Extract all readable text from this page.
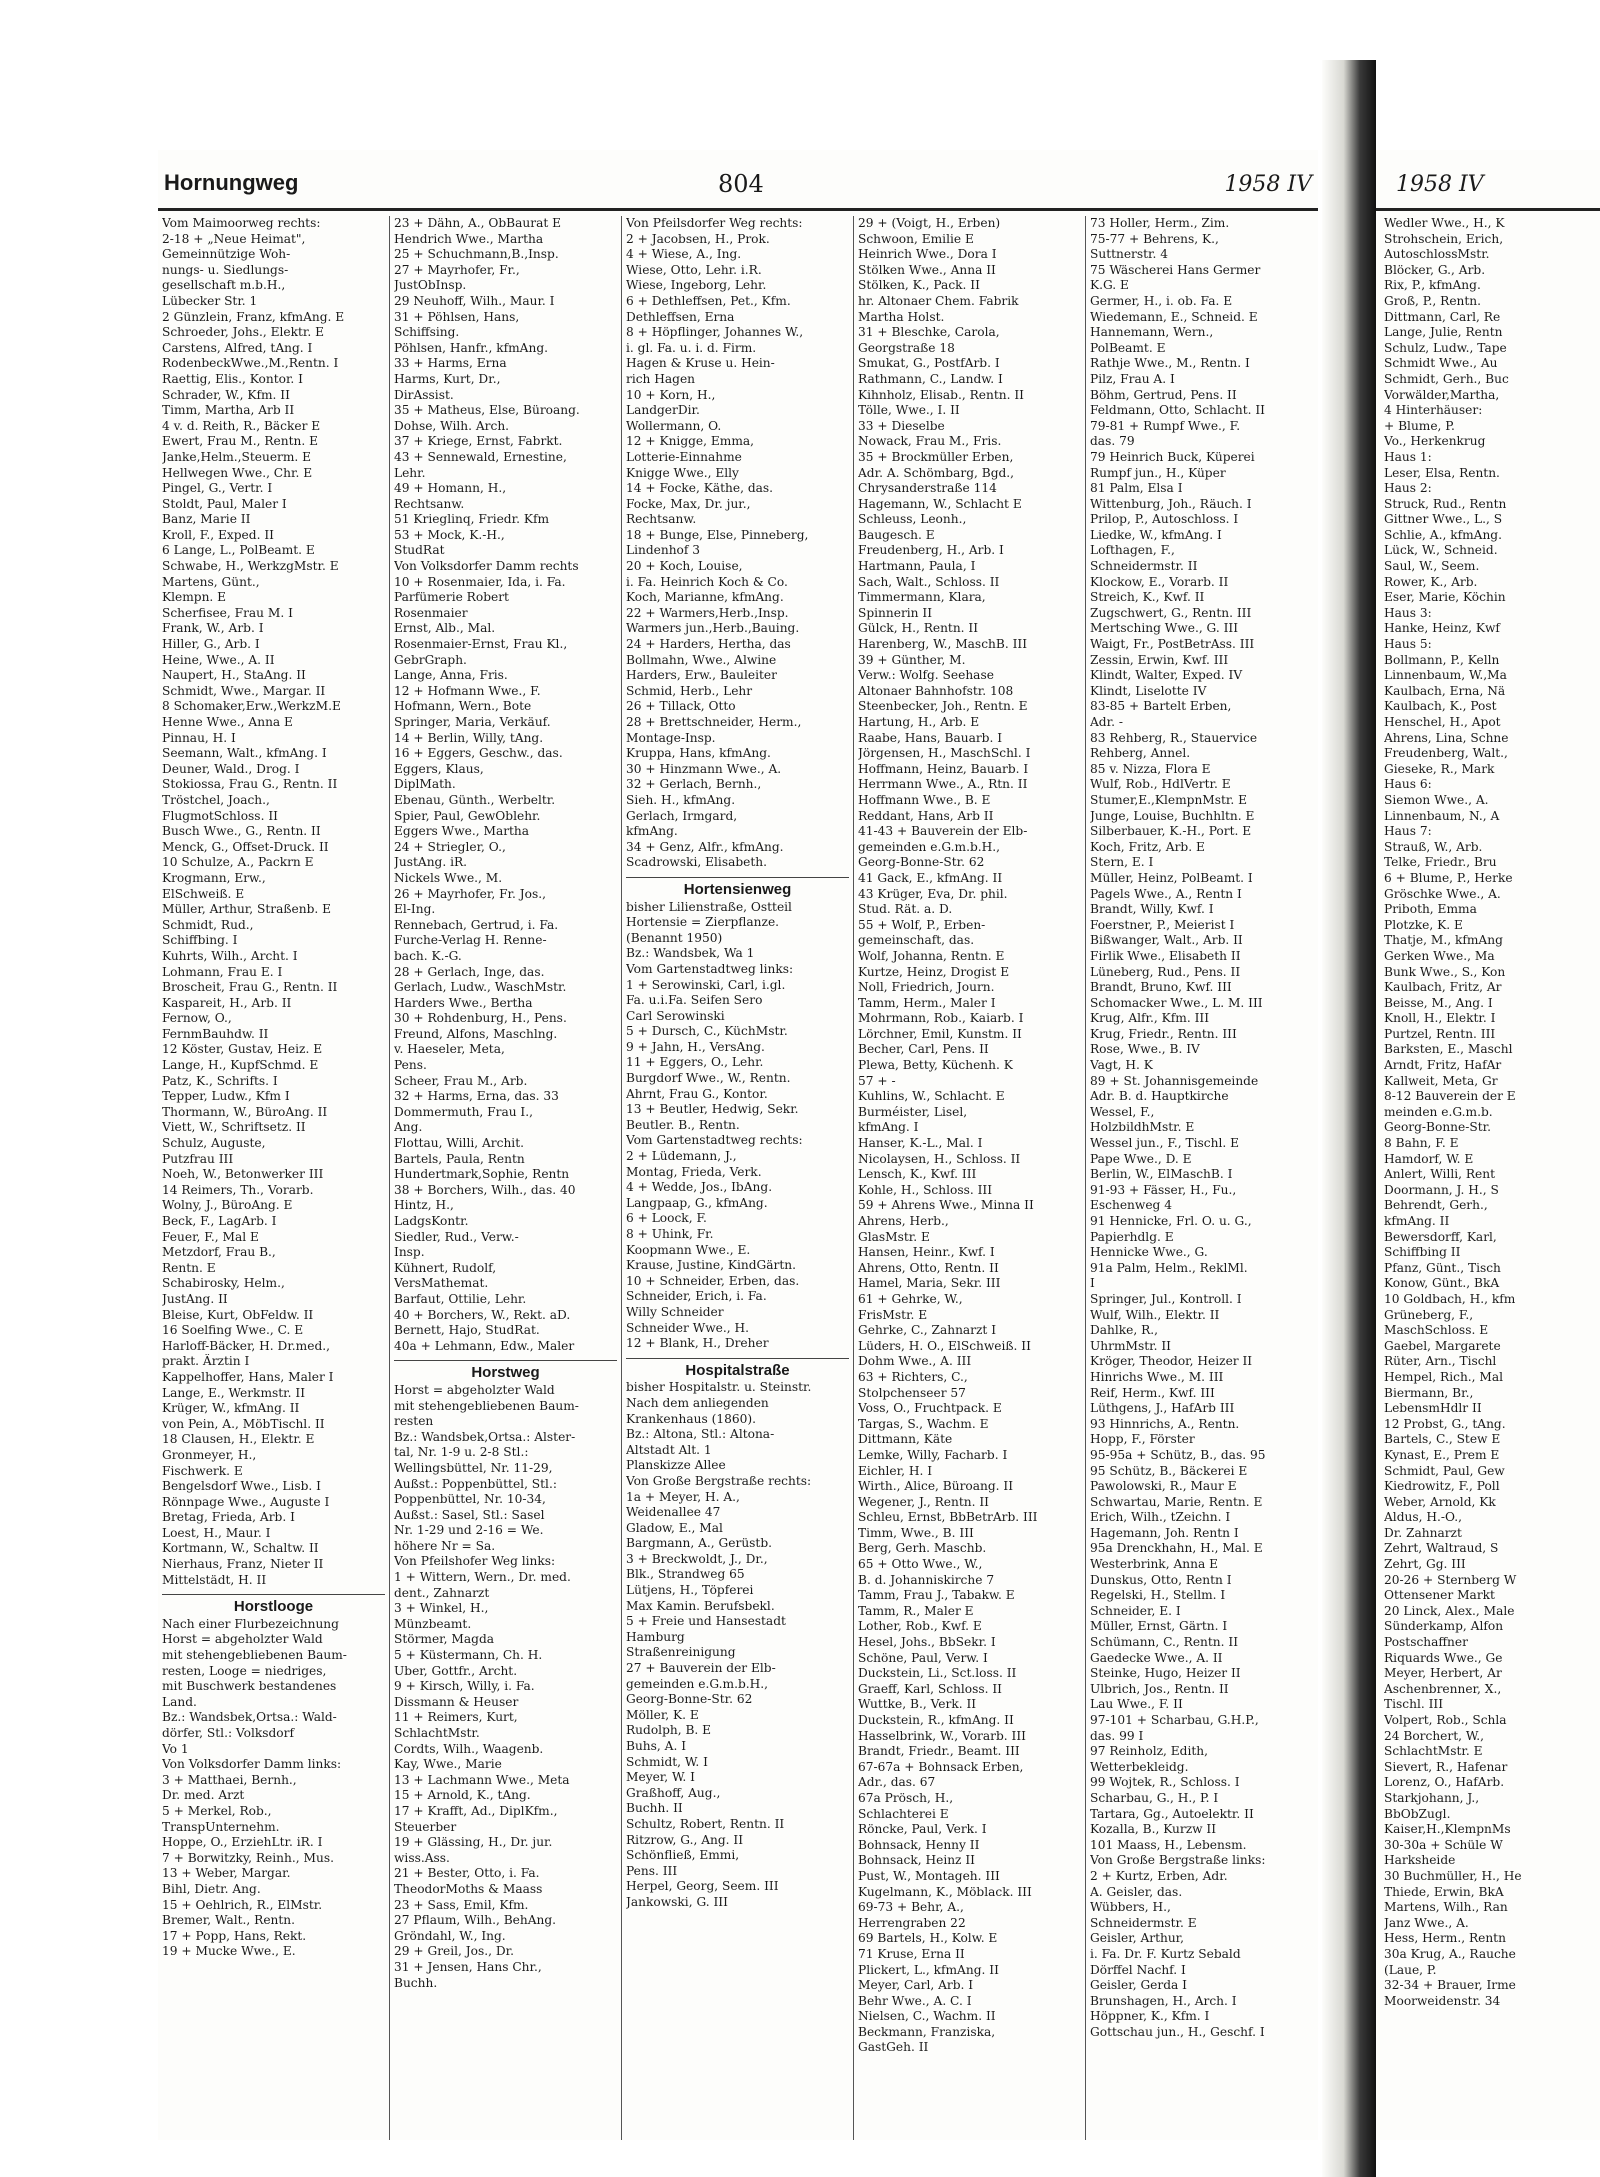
Hornungweg	804	1958 IV
Vom Maimoorweg rechts:
2-18 + „Neue Heimat",
Gemeinnützige Woh-
nungs- u. Siedlungs-
gesellschaft m.b.H.,
Lübecker Str. 1
2 Günzlein, Franz, kfmAng. E
Schroeder, Johs., Elektr. E
Carstens, Alfred, tAng. I
RodenbeckWwe.,M.,Rentn. I
Raettig, Elis., Kontor. I
Schrader, W., Kfm. II
Timm, Martha, Arb II
4 v. d. Reith, R., Bäcker E
Ewert, Frau M., Rentn. E
Janke,Helm.,Steuerm. E
Hellwegen Wwe., Chr. E
Pingel, G., Vertr. I
Stoldt, Paul, Maler I
Banz, Marie II
Kroll, F., Exped. II
6 Lange, L., PolBeamt. E
Schwabe, H., WerkzgMstr. E
Martens, Günt.,
Klempn. E
Scherfisee, Frau M. I
Frank, W., Arb. I
Hiller, G., Arb. I
Heine, Wwe., A. II
Naupert, H., StaAng. II
Schmidt, Wwe., Margar. II
8 Schomaker,Erw.,WerkzM.E
Henne Wwe., Anna E
Pinnau, H. I
Seemann, Walt., kfmAng. I
Deuner, Wald., Drog. I
Stokiossa, Frau G., Rentn. II
Tröstchel, Joach.,
FlugmotSchloss. II
Busch Wwe., G., Rentn. II
Menck, G., Offset-Druck. II
10 Schulze, A., Packrn E
Krogmann, Erw.,
ElSchweiß. E
Müller, Arthur, Straßenb. E
Schmidt, Rud.,
Schiffbing. I
Kuhrts, Wilh., Archt. I
Lohmann, Frau E. I
Broscheit, Frau G., Rentn. II
Kaspareit, H., Arb. II
Fernow, O.,
FernmBauhdw. II
12 Köster, Gustav, Heiz. E
Lange, H., KupfSchmd. E
Patz, K., Schrifts. I
Tepper, Ludw., Kfm I
Thormann, W., BüroAng. II
Viett, W., Schriftsetz. II
Schulz, Auguste,
Putzfrau III
Noeh, W., Betonwerker III
14 Reimers, Th., Vorarb.
Wolny, J., BüroAng. E
Beck, F., LagArb. I
Feuer, F., Mal E
Metzdorf, Frau B.,
Rentn. E
Schabirosky, Helm.,
JustAng. II
Bleise, Kurt, ObFeldw. II
16 Soelfing Wwe., C. E
Harloff-Bäcker, H. Dr.med.,
prakt. Ärztin I
Kappelhoffer, Hans, Maler I
Lange, E., Werkmstr. II
Krüger, W., kfmAng. II
von Pein, A., MöbTischl. II
18 Clausen, H., Elektr. E
Gronmeyer, H.,
Fischwerk. E
Bengelsdorf Wwe., Lisb. I
Rönnpage Wwe., Auguste I
Bretag, Frieda, Arb. I
Loest, H., Maur. I
Kortmann, W., Schaltw. II
Nierhaus, Franz, Nieter II
Mittelstädt, H. II
Horstlooge
Nach einer Flurbezeichnung
Horst = abgeholzter Wald
mit stehengebliebenen Baum-
resten, Looge = niedriges,
mit Buschwerk bestandenes
Land.
Bz.: Wandsbek,Ortsa.: Wald-
dörfer, Stl.: Volksdorf
Vo 1
Von Volksdorfer Damm links:
3 + Matthaei, Bernh.,
Dr. med. Arzt
5 + Merkel, Rob.,
TranspUnternehm.
Hoppe, O., ErziehLtr. iR. I
7 + Borwitzky, Reinh., Mus.
13 + Weber, Margar.
Bihl, Dietr. Ang.
15 + Oehlrich, R., ElMstr.
Bremer, Walt., Rentn.
17 + Popp, Hans, Rekt.
19 + Mucke Wwe., E.
23 + Dähn, A., ObBaurat E
Hendrich Wwe., Martha
25 + Schuchmann,B.,Insp.
27 + Mayrhofer, Fr.,
JustObInsp.
29 Neuhoff, Wilh., Maur. I
31 + Pöhlsen, Hans,
Schiffsing.
Pöhlsen, Hanfr., kfmAng.
33 + Harms, Erna
Harms, Kurt, Dr.,
DirAssist.
35 + Matheus, Else, Büroang.
Dohse, Wilh. Arch.
37 + Kriege, Ernst, Fabrkt.
43 + Sennewald, Ernestine,
Lehr.
49 + Homann, H.,
Rechtsanw.
51 Krieglinq, Friedr. Kfm
53 + Mock, K.-H.,
StudRat
Von Volksdorfer Damm rechts
10 + Rosenmaier, Ida, i. Fa.
Parfümerie Robert
Rosenmaier
Ernst, Alb., Mal.
Rosenmaier-Ernst, Frau Kl.,
GebrGraph.
Lange, Anna, Fris.
12 + Hofmann Wwe., F.
Hofmann, Wern., Bote
Springer, Maria, Verkäuf.
14 + Berlin, Willy, tAng.
16 + Eggers, Geschw., das.
Eggers, Klaus,
DiplMath.
Ebenau, Günth., Werbeltr.
Spier, Paul, GewOblehr.
Eggers Wwe., Martha
24 + Striegler, O.,
JustAng. iR.
Nickels Wwe., M.
26 + Mayrhofer, Fr. Jos.,
El-Ing.
Rennebach, Gertrud, i. Fa.
Furche-Verlag H. Renne-
bach. K.-G.
28 + Gerlach, Inge, das.
Gerlach, Ludw., WaschMstr.
Harders Wwe., Bertha
30 + Rohdenburg, H., Pens.
Freund, Alfons, Maschlng.
v. Haeseler, Meta,
Pens.
Scheer, Frau M., Arb.
32 + Harms, Erna, das. 33
Dommermuth, Frau I.,
Ang.
Flottau, Willi, Archit.
Bartels, Paula, Rentn
Hundertmark,Sophie, Rentn
38 + Borchers, Wilh., das. 40
Hintz, H.,
LadgsKontr.
Siedler, Rud., Verw.-
Insp.
Kühnert, Rudolf,
VersMathemat.
Barfaut, Ottilie, Lehr.
40 + Borchers, W., Rekt. aD.
Bernett, Hajo, StudRat.
40a + Lehmann, Edw., Maler
Horstweg
Horst = abgeholzter Wald
mit stehengebliebenen Baum-
resten
Bz.: Wandsbek,Ortsa.: Alster-
tal, Nr. 1-9 u. 2-8 Stl.:
Wellingsbüttel, Nr. 11-29,
Außst.: Poppenbüttel, Stl.:
Poppenbüttel, Nr. 10-34,
Außst.: Sasel, Stl.: Sasel
Nr. 1-29 und 2-16 = We.
höhere Nr = Sa.
Von Pfeilshofer Weg links:
1 + Wittern, Wern., Dr. med.
dent., Zahnarzt
3 + Winkel, H.,
Münzbeamt.
Störmer, Magda
5 + Küstermann, Ch. H.
Uber, Gottfr., Archt.
9 + Kirsch, Willy, i. Fa.
Dissmann & Heuser
11 + Reimers, Kurt,
SchlachtMstr.
Cordts, Wilh., Waagenb.
Kay, Wwe., Marie
13 + Lachmann Wwe., Meta
15 + Arnold, K., tAng.
17 + Krafft, Ad., DiplKfm.,
Steuerber
19 + Glässing, H., Dr. jur.
wiss.Ass.
21 + Bester, Otto, i. Fa.
TheodorMoths & Maass
23 + Sass, Emil, Kfm.
27 Pflaum, Wilh., BehAng.
Gröndahl, W., Ing.
29 + Greil, Jos., Dr.
31 + Jensen, Hans Chr.,
Buchh.
Von Pfeilsdorfer Weg rechts:
2 + Jacobsen, H., Prok.
4 + Wiese, A., Ing.
Wiese, Otto, Lehr. i.R.
Wiese, Ingeborg, Lehr.
6 + Dethleffsen, Pet., Kfm.
Dethleffsen, Erna
8 + Höpflinger, Johannes W.,
i. gl. Fa. u. i. d. Firm.
Hagen & Kruse u. Hein-
rich Hagen
10 + Korn, H.,
LandgerDir.
Wollermann, O.
12 + Knigge, Emma,
Lotterie-Einnahme
Knigge Wwe., Elly
14 + Focke, Käthe, das.
Focke, Max, Dr. jur.,
Rechtsanw.
18 + Bunge, Else, Pinneberg,
Lindenhof 3
20 + Koch, Louise,
i. Fa. Heinrich Koch & Co.
Koch, Marianne, kfmAng.
22 + Warmers,Herb.,Insp.
Warmers jun.,Herb.,Bauing.
24 + Harders, Hertha, das
Bollmahn, Wwe., Alwine
Harders, Erw., Bauleiter
Schmid, Herb., Lehr
26 + Tillack, Otto
28 + Brettschneider, Herm.,
Montage-Insp.
Kruppa, Hans, kfmAng.
30 + Hinzmann Wwe., A.
32 + Gerlach, Bernh.,
Sieh. H., kfmAng.
Gerlach, Irmgard,
kfmAng.
34 + Genz, Alfr., kfmAng.
Scadrowski, Elisabeth.
Hortensienweg
bisher Lilienstraße, Ostteil
Hortensie = Zierpflanze.
(Benannt 1950)
Bz.: Wandsbek, Wa 1
Vom Gartenstadtweg links:
1 + Serowinski, Carl, i.gl.
Fa. u.i.Fa. Seifen Sero
Carl Serowinski
5 + Dursch, C., KüchMstr.
9 + Jahn, H., VersAng.
11 + Eggers, O., Lehr.
Burgdorf Wwe., W., Rentn.
Ahrnt, Frau G., Kontor.
13 + Beutler, Hedwig, Sekr.
Beutler. B., Rentn.
Vom Gartenstadtweg rechts:
2 + Lüdemann, J.,
Montag, Frieda, Verk.
4 + Wedde, Jos., IbAng.
Langpaap, G., kfmAng.
6 + Loock, F.
8 + Uhink, Fr.
Koopmann Wwe., E.
Krause, Justine, KindGärtn.
10 + Schneider, Erben, das.
Schneider, Erich, i. Fa.
Willy Schneider
Schneider Wwe., H.
12 + Blank, H., Dreher
Hospitalstraße
bisher Hospitalstr. u. Steinstr.
Nach dem anliegenden
Krankenhaus (1860).
Bz.: Altona, Stl.: Altona-
Altstadt Alt. 1
Planskizze Allee
Von Große Bergstraße rechts:
1a + Meyer, H. A.,
Weidenallee 47
Gladow, E., Mal
Bargmann, A., Gerüstb.
3 + Breckwoldt, J., Dr.,
Blk., Strandweg 65
Lütjens, H., Töpferei
Max Kamin. Berufsbekl.
5 + Freie und Hansestadt
Hamburg
Straßenreinigung
27 + Bauverein der Elb-
gemeinden e.G.m.b.H.,
Georg-Bonne-Str. 62
Möller, K. E
Rudolph, B. E
Buhs, A. I
Schmidt, W. I
Meyer, W. I
Graßhoff, Aug.,
Buchh. II
Schultz, Robert, Rentn. II
Ritzrow, G., Ang. II
Schönfließ, Emmi,
Pens. III
Herpel, Georg, Seem. III
Jankowski, G. III
29 + (Voigt, H., Erben)
Schwoon, Emilie E
Heinrich Wwe., Dora I
Stölken Wwe., Anna II
Stölken, K., Pack. II
hr. Altonaer Chem. Fabrik
Martha Holst.
31 + Bleschke, Carola,
Georgstraße 18
Smukat, G., PostfArb. I
Rathmann, C., Landw. I
Kihnholz, Elisab., Rentn. II
Tölle, Wwe., I. II
33 + Dieselbe
Nowack, Frau M., Fris.
35 + Brockmüller Erben,
Adr. A. Schömbarg, Bgd.,
Chrysanderstraße 114
Hagemann, W., Schlacht E
Schleuss, Leonh.,
Baugesch. E
Freudenberg, H., Arb. I
Hartmann, Paula, I
Sach, Walt., Schloss. II
Timmermann, Klara,
Spinnerin II
Gülck, H., Rentn. II
Harenberg, W., MaschB. III
39 + Günther, M.
Verw.: Wolfg. Seehase
Altonaer Bahnhofstr. 108
Steenbecker, Joh., Rentn. E
Hartung, H., Arb. E
Raabe, Hans, Bauarb. I
Jörgensen, H., MaschSchl. I
Hoffmann, Heinz, Bauarb. I
Herrmann Wwe., A., Rtn. II
Hoffmann Wwe., B. E
Reddant, Hans, Arb II
41-43 + Bauverein der Elb-
gemeinden e.G.m.b.H.,
Georg-Bonne-Str. 62
41 Gack, E., kfmAng. II
43 Krüger, Eva, Dr. phil.
Stud. Rät. a. D.
55 + Wolf, P., Erben-
gemeinschaft, das.
Wolf, Johanna, Rentn. E
Kurtze, Heinz, Drogist E
Noll, Friedrich, Journ.
Tamm, Herm., Maler I
Mohrmann, Rob., Kaiarb. I
Lörchner, Emil, Kunstm. II
Becher, Carl, Pens. II
Plewa, Betty, Küchenh. K
57 + -
Kuhlins, W., Schlacht. E
Burméister, Lisel,
kfmAng. I
Hanser, K.-L., Mal. I
Nicolaysen, H., Schloss. II
Lensch, K., Kwf. III
Kohle, H., Schloss. III
59 + Ahrens Wwe., Minna II
Ahrens, Herb.,
GlasMstr. E
Hansen, Heinr., Kwf. I
Ahrens, Otto, Rentn. II
Hamel, Maria, Sekr. III
61 + Gehrke, W.,
FrisMstr. E
Gehrke, C., Zahnarzt I
Lüders, H. O., ElSchweiß. II
Dohm Wwe., A. III
63 + Richters, C.,
Stolpchenseer 57
Voss, O., Fruchtpack. E
Targas, S., Wachm. E
Dittmann, Käte
Lemke, Willy, Facharb. I
Eichler, H. I
Wirth., Alice, Büroang. II
Wegener, J., Rentn. II
Schleu, Ernst, BbBetrArb. III
Timm, Wwe., B. III
Berg, Gerh. Maschb.
65 + Otto Wwe., W.,
B. d. Johanniskirche 7
Tamm, Frau J., Tabakw. E
Tamm, R., Maler E
Lother, Rob., Kwf. E
Hesel, Johs., BbSekr. I
Schöne, Paul, Verw. I
Duckstein, Li., Sct.loss. II
Graeff, Karl, Schloss. II
Wuttke, B., Verk. II
Duckstein, R., kfmAng. II
Hasselbrink, W., Vorarb. III
Brandt, Friedr., Beamt. III
67-67a + Bohnsack Erben,
Adr., das. 67
67a Prösch, H.,
Schlachterei E
Röncke, Paul, Verk. I
Bohnsack, Henny II
Bohnsack, Heinz II
Pust, W., Montageh. III
Kugelmann, K., Möblack. III
69-73 + Behr, A.,
Herrengraben 22
69 Bartels, H., Kolw. E
71 Kruse, Erna II
Plickert, L., kfmAng. II
Meyer, Carl, Arb. I
Behr Wwe., A. C. I
Nielsen, C., Wachm. II
Beckmann, Franziska,
GastGeh. II
73 Holler, Herm., Zim.
75-77 + Behrens, K.,
Suttnerstr. 4
75 Wäscherei Hans Germer
K.G. E
Germer, H., i. ob. Fa. E
Wiedemann, E., Schneid. E
Hannemann, Wern.,
PolBeamt. E
Rathje Wwe., M., Rentn. I
Pilz, Frau A. I
Böhm, Gertrud, Pens. II
Feldmann, Otto, Schlacht. II
79-81 + Rumpf Wwe., F.
das. 79
79 Heinrich Buck, Küperei
Rumpf jun., H., Küper
81 Palm, Elsa I
Wittenburg, Joh., Räuch. I
Prilop, P., Autoschloss. I
Liedke, W., kfmAng. I
Lofthagen, F.,
Schneidermstr. II
Klockow, E., Vorarb. II
Streich, K., Kwf. II
Zugschwert, G., Rentn. III
Mertsching Wwe., G. III
Waigt, Fr., PostBetrAss. III
Zessin, Erwin, Kwf. III
Klindt, Walter, Exped. IV
Klindt, Liselotte IV
83-85 + Bartelt Erben,
Adr. -
83 Rehberg, R., Stauervice
Rehberg, Annel.
85 v. Nizza, Flora E
Wulf, Rob., HdlVertr. E
Stumer,E.,KlempnMstr. E
Junge, Louise, Buchhltn. E
Silberbauer, K.-H., Port. E
Koch, Fritz, Arb. E
Stern, E. I
Müller, Heinz, PolBeamt. I
Pagels Wwe., A., Rentn I
Brandt, Willy, Kwf. I
Foerstner, P., Meierist I
Bißwanger, Walt., Arb. II
Firlik Wwe., Elisabeth II
Lüneberg, Rud., Pens. II
Brandt, Bruno, Kwf. III
Schomacker Wwe., L. M. III
Krug, Alfr., Kfm. III
Krug, Friedr., Rentn. III
Rose, Wwe., B. IV
Vagt, H. K
89 + St. Johannisgemeinde
Adr. B. d. Hauptkirche
Wessel, F.,
HolzbildhMstr. E
Wessel jun., F., Tischl. E
Pape Wwe., D. E
Berlin, W., ElMaschB. I
91-93 + Fässer, H., Fu.,
Eschenweg 4
91 Hennicke, Frl. O. u. G.,
Papierhdlg. E
Hennicke Wwe., G.
91a Palm, Helm., ReklMl.
I
Springer, Jul., Kontroll. I
Wulf, Wilh., Elektr. II
Dahlke, R.,
UhrmMstr. II
Kröger, Theodor, Heizer II
Hinrichs Wwe., M. III
Reif, Herm., Kwf. III
Lüthgens, J., HafArb III
93 Hinnrichs, A., Rentn.
Hopp, F., Förster
95-95a + Schütz, B., das. 95
95 Schütz, B., Bäckerei E
Pawolowski, R., Maur E
Schwartau, Marie, Rentn. E
Erich, Wilh., tZeichn. I
Hagemann, Joh. Rentn I
95a Drenckhahn, H., Mal. E
Westerbrink, Anna E
Dunskus, Otto, Rentn I
Regelski, H., Stellm. I
Schneider, E. I
Müller, Ernst, Gärtn. I
Schümann, C., Rentn. II
Gaedecke Wwe., A. II
Steinke, Hugo, Heizer II
Ulbrich, Jos., Rentn. II
Lau Wwe., F. II
97-101 + Scharbau, G.H.P.,
das. 99 I
97 Reinholz, Edith,
Wetterbekleidg.
99 Wojtek, R., Schloss. I
Scharbau, G., H., P. I
Tartara, Gg., Autoelektr. II
Kozalla, B., Kurzw II
101 Maass, H., Lebensm.
Von Große Bergstraße links:
2 + Kurtz, Erben, Adr.
A. Geisler, das.
Wübbers, H.,
Schneidermstr. E
Geisler, Arthur,
i. Fa. Dr. F. Kurtz Sebald
Dörffel Nachf. I
Geisler, Gerda I
Brunshagen, H., Arch. I
Höppner, K., Kfm. I
Gottschau jun., H., Geschf. I
1958 IV
Wedler Wwe., H., K
Strohschein, Erich,
AutoschlossMstr.
Blöcker, G., Arb.
Rix, P., kfmAng.
Groß, P., Rentn.
Dittmann, Carl, Re
Lange, Julie, Rentn
Schulz, Ludw., Tape
Schmidt Wwe., Au
Schmidt, Gerh., Buc
Vorwälder,Martha,
4 Hinterhäuser:
+ Blume, P.
Vo., Herkenkrug
Haus 1:
Leser, Elsa, Rentn.
Haus 2:
Struck, Rud., Rentn
Gittner Wwe., L., S
Schlie, A., kfmAng.
Lück, W., Schneid.
Saul, W., Seem.
Rower, K., Arb.
Eser, Marie, Köchin
Haus 3:
Hanke, Heinz, Kwf
Haus 5:
Bollmann, P., Kelln
Linnenbaum, W.,Ma
Kaulbach, Erna, Nä
Kaulbach, K., Post
Henschel, H., Apot
Ahrens, Lina, Schne
Freudenberg, Walt.,
Gieseke, R., Mark
Haus 6:
Siemon Wwe., A.
Linnenbaum, N., A
Haus 7:
Strauß, W., Arb.
Telke, Friedr., Bru
6 + Blume, P., Herke
Gröschke Wwe., A.
Priboth, Emma
Plotzke, K. E
Thatje, M., kfmAng
Gerken Wwe., Ma
Bunk Wwe., S., Kon
Kaulbach, Fritz, Ar
Beisse, M., Ang. I
Knoll, H., Elektr. I
Purtzel, Rentn. III
Barksten, E., Maschl
Arndt, Fritz, HafAr
Kallweit, Meta, Gr
8-12 Bauverein der E
meinden e.G.m.b.
Georg-Bonne-Str.
8 Bahn, F. E
Hamdorf, W. E
Anlert, Willi, Rent
Doormann, J. H., S
Behrendt, Gerh.,
kfmAng. II
Bewersdorff, Karl,
Schiffbing II
Pfanz, Günt., Tisch
Konow, Günt., BkA
10 Goldbach, H., kfm
Grüneberg, F.,
MaschSchloss. E
Gaebel, Margarete
Rüter, Arn., Tischl
Hempel, Rich., Mal
Biermann, Br.,
LebensmHdlr II
12 Probst, G., tAng.
Bartels, C., Stew E
Kynast, E., Prem E
Schmidt, Paul, Gew
Kiedrowitz, F., Poll
Weber, Arnold, Kk
Aldus, H.-O.,
Dr. Zahnarzt
Zehrt, Waltraud, S
Zehrt, Gg. III
20-26 + Sternberg W
Ottensener Markt
20 Linck, Alex., Male
Sünderkamp, Alfon
Postschaffner
Riquards Wwe., Ge
Meyer, Herbert, Ar
Aschenbrenner, X.,
Tischl. III
Volpert, Rob., Schla
24 Borchert, W.,
SchlachtMstr. E
Sievert, R., Hafenar
Lorenz, O., HafArb.
Starkjohann, J.,
BbObZugl.
Kaiser,H.,KlempnMs
30-30a + Schüle W
Harksheide
30 Buchmüller, H., He
Thiede, Erwin, BkA
Martens, Wilh., Ran
Janz Wwe., A.
Hess, Herm., Rentn
30a Krug, A., Rauche
(Laue, P.
32-34 + Brauer, Irme
Moorweidenstr. 34
